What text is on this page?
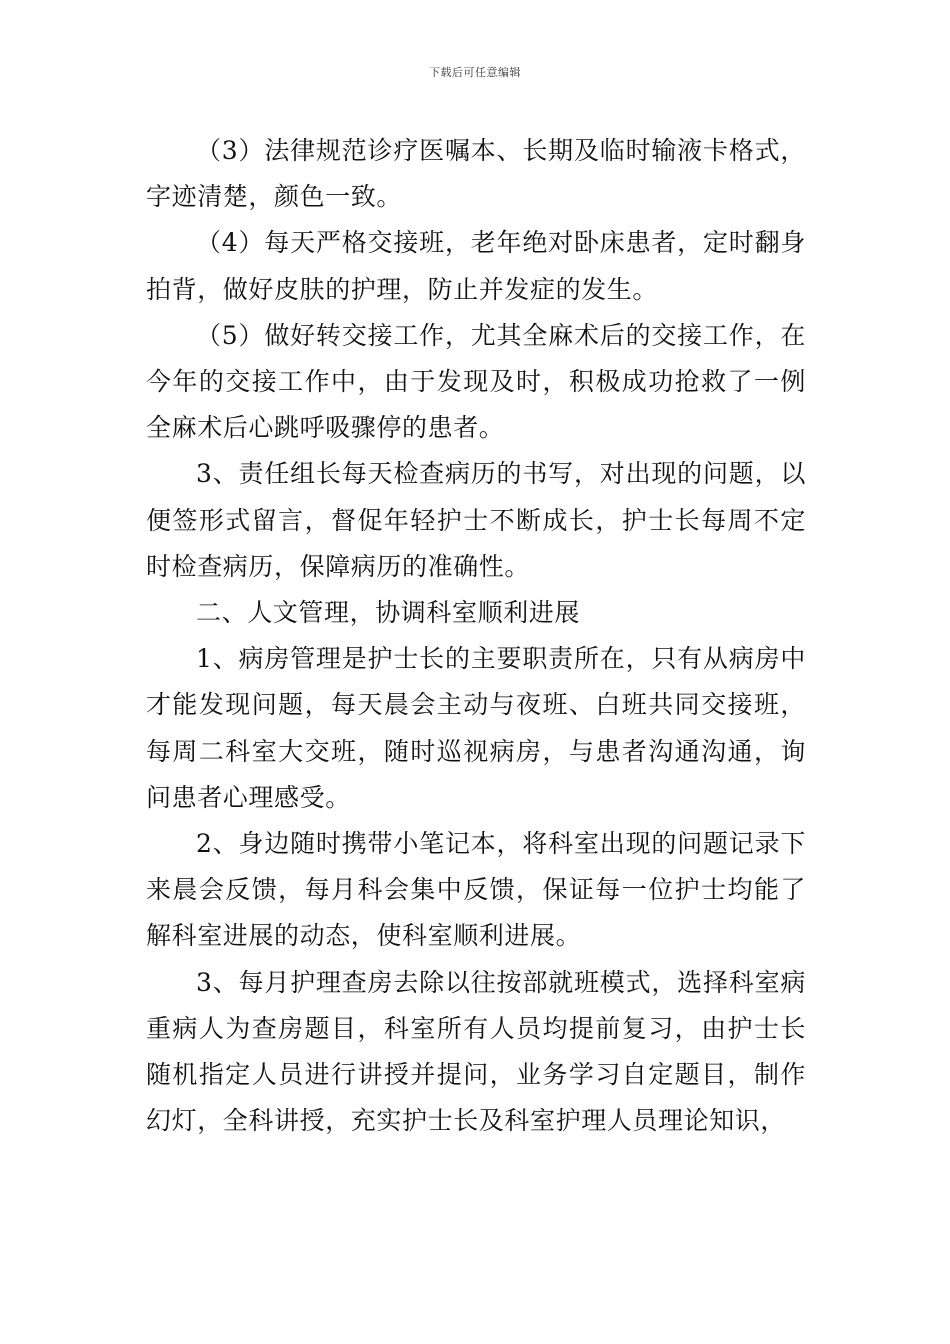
下载后可任意编辑

（3）法律规范诊疗医嘱本、长期及临时输液卡格式，字迹清楚，颜色一致。

（4）每天严格交接班，老年绝对卧床患者，定时翻身拍背，做好皮肤的护理，防止并发症的发生。

（5）做好转交接工作，尤其全麻术后的交接工作，在今年的交接工作中，由于发现及时，积极成功抢救了一例全麻术后心跳呼吸骤停的患者。

3、责任组长每天检查病历的书写，对出现的问题，以便签形式留言，督促年轻护士不断成长，护士长每周不定时检查病历，保障病历的准确性。

二、人文管理，协调科室顺利进展

1、病房管理是护士长的主要职责所在，只有从病房中才能发现问题，每天晨会主动与夜班、白班共同交接班，每周二科室大交班，随时巡视病房，与患者沟通沟通，询问患者心理感受。

2、身边随时携带小笔记本，将科室出现的问题记录下来晨会反馈，每月科会集中反馈，保证每一位护士均能了解科室进展的动态，使科室顺利进展。

3、每月护理查房去除以往按部就班模式，选择科室病重病人为查房题目，科室所有人员均提前复习，由护士长随机指定人员进行讲授并提问，业务学习自定题目，制作幻灯，全科讲授，充实护士长及科室护理人员理论知识，
